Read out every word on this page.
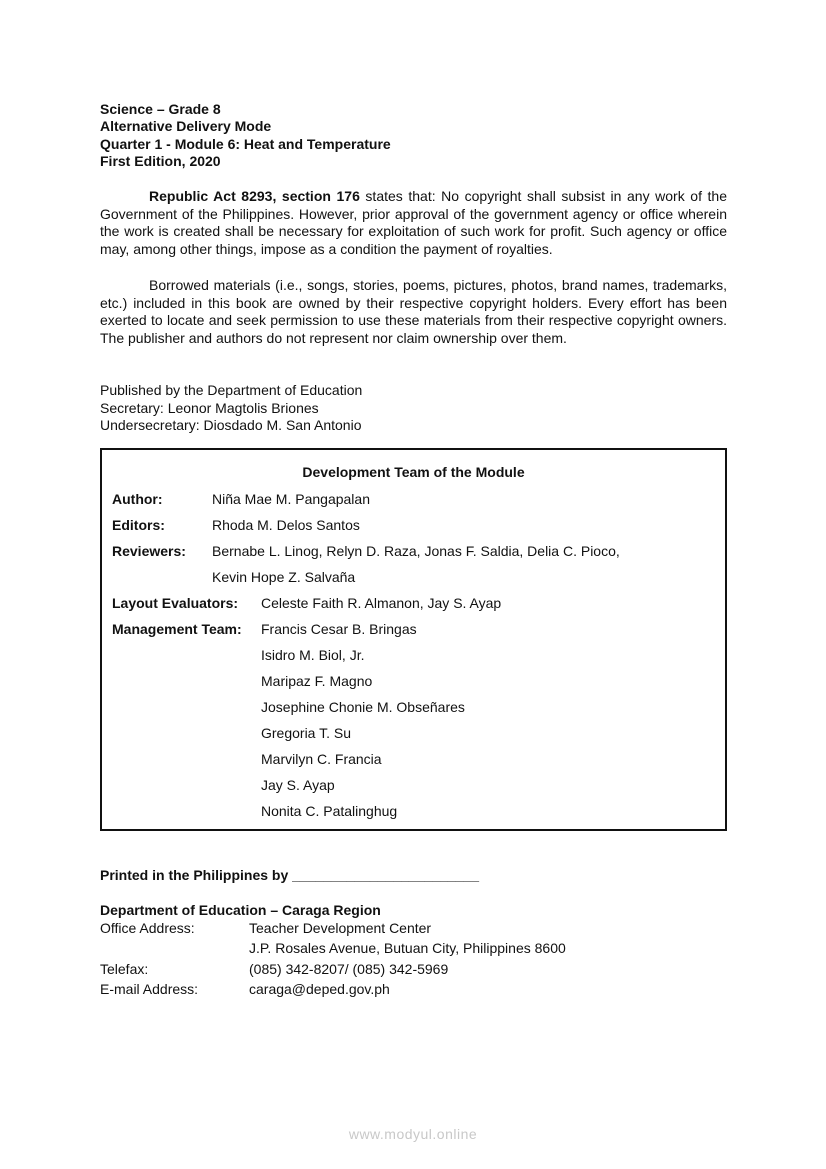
Science – Grade 8
Alternative Delivery Mode
Quarter 1 - Module 6: Heat and Temperature
First Edition, 2020
Republic Act 8293, section 176 states that: No copyright shall subsist in any work of the Government of the Philippines. However, prior approval of the government agency or office wherein the work is created shall be necessary for exploitation of such work for profit. Such agency or office may, among other things, impose as a condition the payment of royalties.
Borrowed materials (i.e., songs, stories, poems, pictures, photos, brand names, trademarks, etc.) included in this book are owned by their respective copyright holders. Every effort has been exerted to locate and seek permission to use these materials from their respective copyright owners. The publisher and authors do not represent nor claim ownership over them.
Published by the Department of Education
Secretary: Leonor Magtolis Briones
Undersecretary: Diosdado M. San Antonio
Development Team of the Module
Author:	Niña Mae M. Pangapalan
Editors:	Rhoda M. Delos Santos
Reviewers: Bernabe L. Linog, Relyn D. Raza, Jonas F. Saldia, Delia C. Pioco,
Kevin Hope Z. Salvaña
Layout Evaluators: Celeste Faith R. Almanon, Jay S. Ayap
Management Team: Francis Cesar B. Bringas
Isidro M. Biol, Jr.
Maripaz F. Magno
Josephine Chonie M. Obseñares
Gregoria T. Su
Marvilyn C. Francia
Jay S. Ayap
Nonita C. Patalinghug
Printed in the Philippines by ________________________
Department of Education – Caraga Region
Office Address:	Teacher Development Center
J.P. Rosales Avenue, Butuan City, Philippines 8600
Telefax:	(085) 342-8207/ (085) 342-5969
E-mail Address:	caraga@deped.gov.ph
www.modyul.online
